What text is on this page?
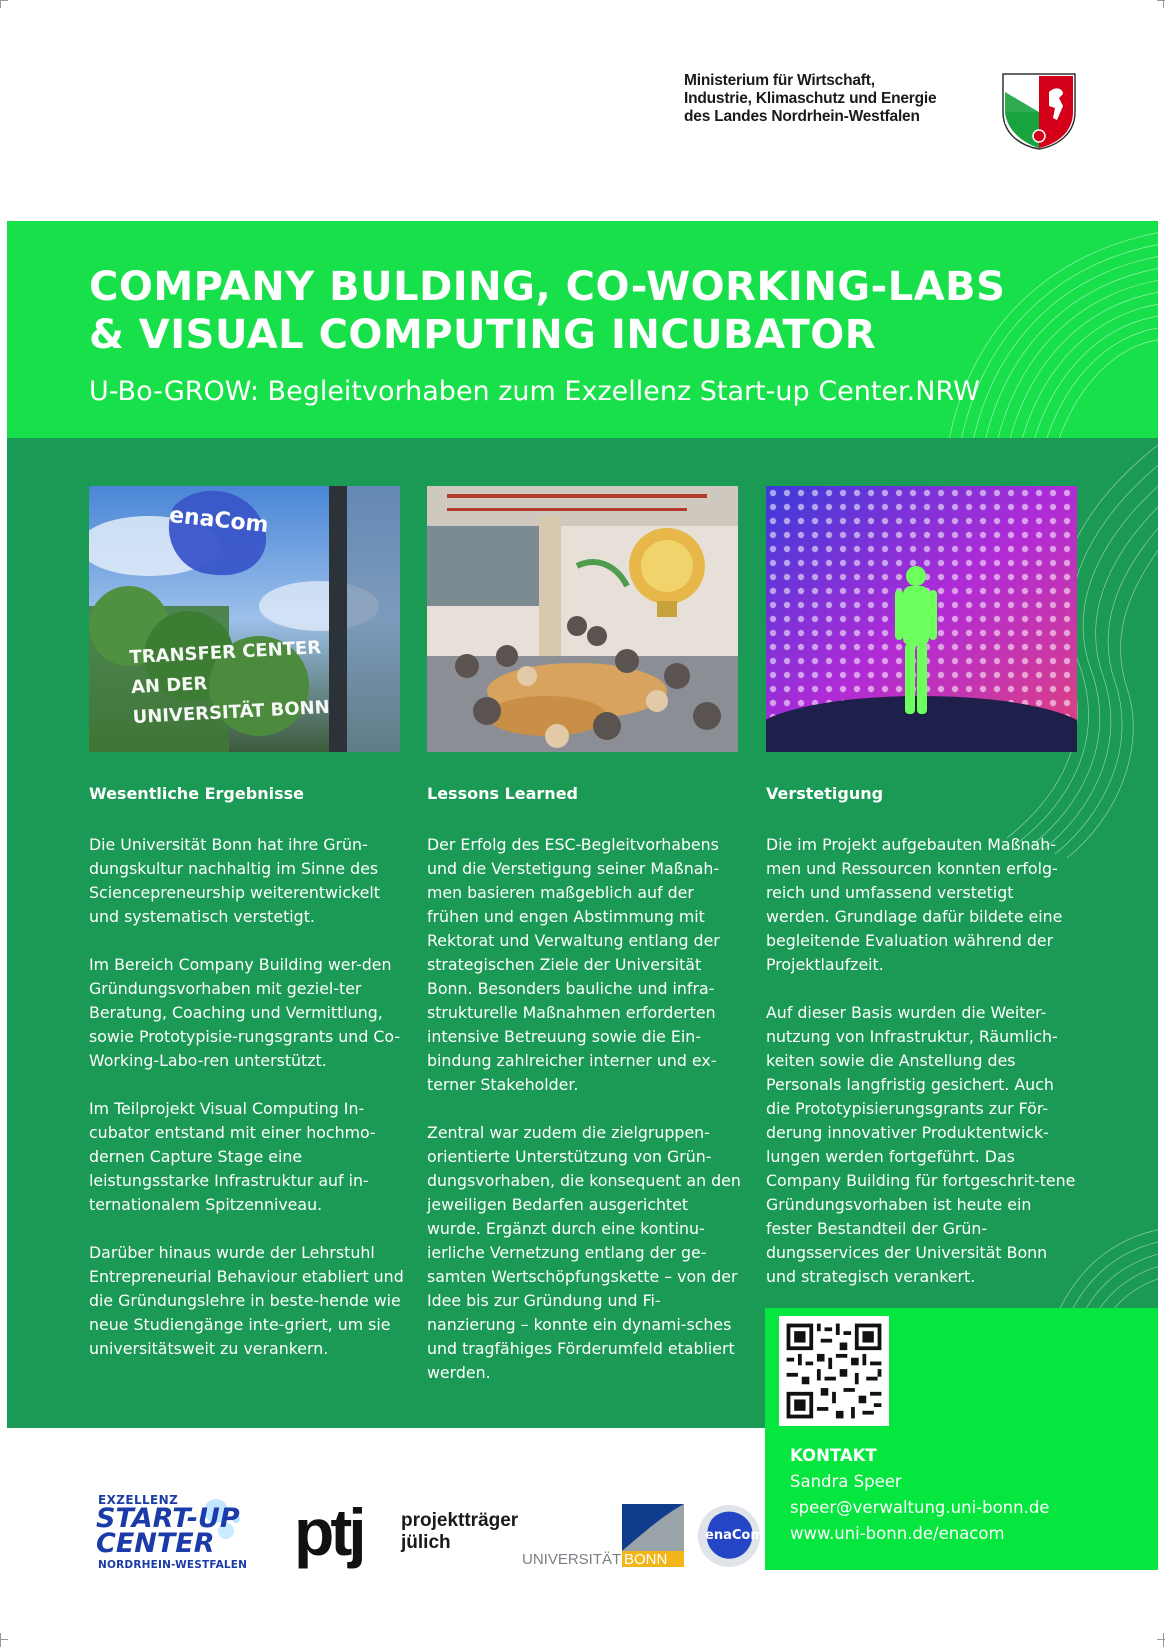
Ministerium für Wirtschaft,
Industrie, Klimaschutz und Energie
des Landes Nordrhein-Westfalen
COMPANY BULDING, CO-WORKING-LABS
& VISUAL COMPUTING INCUBATOR
U-Bo-GROW: Begleitvorhaben zum Exzellenz Start-up Center.NRW
enaCom
TRANSFER CENTER
AN DER
UNIVERSITÄT BONN
Wesentliche Ergebnisse

Die Universität Bonn hat ihre Grün-dungskultur nachhaltig im Sinne des Sciencepreneurship weiterentwickelt und systematisch verstetigt.

Im Bereich Company Building wer-den Gründungsvorhaben mit geziel-ter Beratung, Coaching und Vermittlung, sowie Prototypisie-rungsgrants und Co-Working-Labo-ren unterstützt.

Im Teilprojekt Visual Computing In-cubator entstand mit einer hochmo-dernen Capture Stage eine leistungsstarke Infrastruktur auf in-ternationalem Spitzenniveau.

Darüber hinaus wurde der Lehrstuhl Entrepreneurial Behaviour etabliert und die Gründungslehre in beste-hende wie neue Studiengänge inte-griert, um sie universitätsweit zu verankern.

Lessons Learned

Der Erfolg des ESC-Begleitvorhabens und die Verstetigung seiner Maßnah-men basieren maßgeblich auf der frühen und engen Abstimmung mit Rektorat und Verwaltung entlang der strategischen Ziele der Universität Bonn. Besonders bauliche und infra-strukturelle Maßnahmen erforderten intensive Betreuung sowie die Ein-bindung zahlreicher interner und ex-terner Stakeholder.

Zentral war zudem die zielgruppen-orientierte Unterstützung von Grün-dungsvorhaben, die konsequent an den jeweiligen Bedarfen ausgerichtet wurde. Ergänzt durch eine kontinu-ierliche Vernetzung entlang der ge-samten Wertschöpfungskette – von der Idee bis zur Gründung und Fi-nanzierung – konnte ein dynami-sches und tragfähiges Förderumfeld etabliert werden.

Verstetigung

Die im Projekt aufgebauten Maßnah-men und Ressourcen konnten erfolg-reich und umfassend verstetigt werden. Grundlage dafür bildete eine begleitende Evaluation während der Projektlaufzeit.

Auf dieser Basis wurden die Weiter-nutzung von Infrastruktur, Räumlich-keiten sowie die Anstellung des Personals langfristig gesichert. Auch die Prototypisierungsgrants zur För-derung innovativer Produktentwick-lungen werden fortgeführt. Das Company Building für fortgeschrit-tene Gründungsvorhaben ist heute ein fester Bestandteil der Grün-dungsservices der Universität Bonn und strategisch verankert.

KONTAKT
Sandra Speer
speer@verwaltung.uni-bonn.de
www.uni-bonn.de/enacom
EXZELLENZ
START-UP
CENTER
NORDRHEIN-WESTFALEN ptj	projektträger
jülich
UNIVERSITÄT BONN
enaCom
